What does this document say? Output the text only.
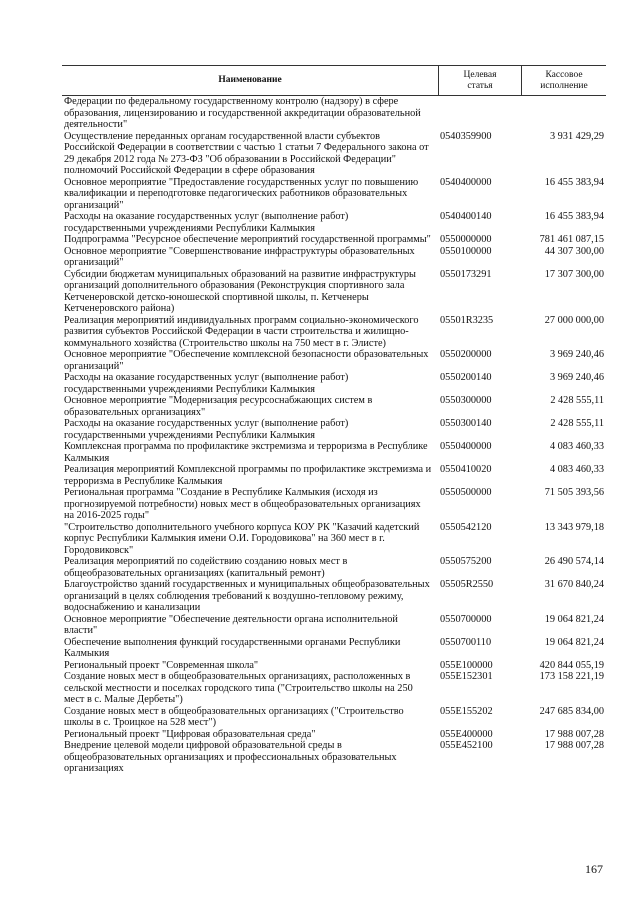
Наименование
Целевая статья
Кассовое исполнение
Федерации по федеральному государственному контролю (надзору) в сфере образования, лицензированию и государственной аккредитации образовательной деятельности"
Осуществление переданных органам государственной власти субъектов Российской Федерации в соответствии с частью 1 статьи 7 Федерального закона от 29 декабря 2012 года № 273-ФЗ "Об образовании в Российской Федерации" полномочий Российской Федерации в сфере образования
0540359900	3 931 429,29
Основное мероприятие "Предоставление государственных услуг по повышению квалификации и переподготовке педагогических работников образовательных организаций"
0540400000	16 455 383,94
Расходы на оказание государственных услуг (выполнение работ) государственными учреждениями Республики Калмыкия
0540400140	16 455 383,94
Подпрограмма "Ресурсное обеспечение мероприятий государственной программы" 0550000000	781 461 087,15
Основное мероприятие "Совершенствование инфраструктуры образовательных организаций"
0550100000	44 307 300,00
Субсидии бюджетам муниципальных образований на развитие инфраструктуры организаций дополнительного образования (Реконструкция спортивного зала Кетченеровской детско-юношеской спортивной школы, п. Кетченеры Кетченеровского района)
0550173291	17 307 300,00
Реализация мероприятий индивидуальных программ социально-экономического развития субъектов Российской Федерации в части строительства и жилищно-коммунального хозяйства (Строительство школы на 750 мест в г. Элисте)
05501R3235	27 000 000,00
Основное мероприятие "Обеспечение комплексной безопасности образовательных организаций"
0550200000	3 969 240,46
Расходы на оказание государственных услуг (выполнение работ) государственными учреждениями Республики Калмыкия
0550200140	3 969 240,46
Основное мероприятие "Модернизация ресурсоснабжающих систем в образовательных организациях"
0550300000	2 428 555,11
Расходы на оказание государственных услуг (выполнение работ) государственными учреждениями Республики Калмыкия
0550300140	2 428 555,11
Комплексная программа по профилактике экстремизма и терроризма в Республике Калмыкия
0550400000	4 083 460,33
Реализация мероприятий Комплексной программы по профилактике экстремизма и терроризма в Республике Калмыкия
0550410020	4 083 460,33
Региональная программа "Создание в Республике Калмыкия (исходя из прогнозируемой потребности) новых мест в общеобразовательных организациях на 2016-2025 годы"
0550500000	71 505 393,56
"Строительство дополнительного учебного корпуса КОУ РК "Казачий кадетский корпус Республики Калмыкия имени О.И. Городовикова" на 360 мест в г. Городовиковск"
0550542120	13 343 979,18
Реализация мероприятий по содействию созданию новых мест в общеобразовательных организациях (капитальный ремонт)
0550575200	26 490 574,14
Благоустройство зданий государственных и муниципальных общеобразовательных организаций в целях соблюдения требований к воздушно-тепловому режиму, водоснабжению и канализации
05505R2550	31 670 840,24
Основное мероприятие "Обеспечение деятельности органа исполнительной власти"
0550700000	19 064 821,24
Обеспечение выполнения функций государственными органами Республики Калмыкия
0550700110	19 064 821,24
Региональный проект "Современная школа"	055E100000	420 844 055,19
Создание новых мест в общеобразовательных организациях, расположенных в сельской местности и поселках городского типа ("Строительство школы на 250 мест в с. Малые Дербеты")
055E152301	173 158 221,19
Создание новых мест в общеобразовательных организациях ("Строительство школы в с. Троицкое на 528 мест")
055E155202	247 685 834,00
Региональный проект "Цифровая образовательная среда"	055E400000	17 988 007,28
Внедрение целевой модели цифровой образовательной среды в общеобразовательных организациях и профессиональных образовательных организациях
055E452100	17 988 007,28
167
